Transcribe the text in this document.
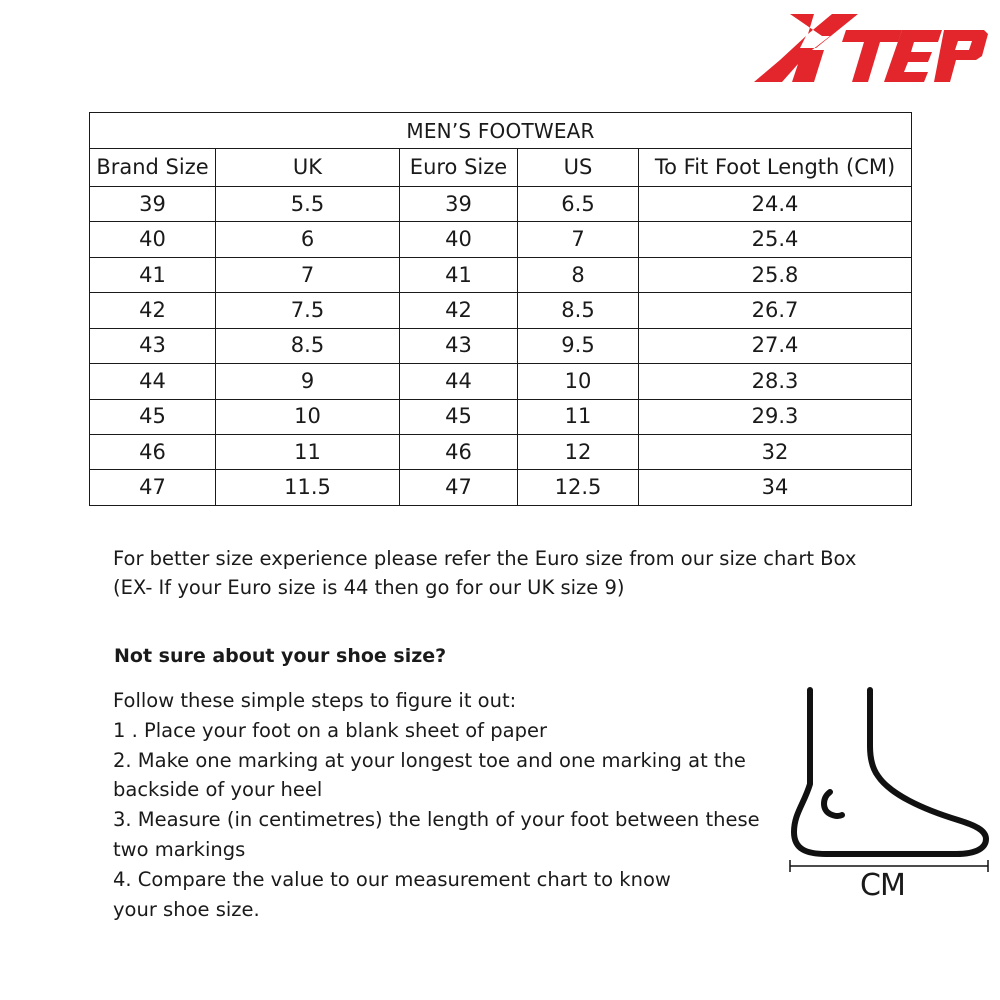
MEN’S FOOTWEAR				
Brand Size	UK	Euro Size	US	To Fit Foot Length (CM)
39	5.5	39	6.5	24.4
40	6	40	7	25.4
41	7	41	8	25.8
42	7.5	42	8.5	26.7
43	8.5	43	9.5	27.4
44	9	44	10	28.3
45	10	45	11	29.3
46	11	46	12	32
47	11.5	47	12.5	34
For better size experience please refer the Euro size from our size chart Box
(EX- If your Euro size is 44 then go for our UK size 9)
Not sure about your shoe size?
Follow these simple steps to figure it out:
1 . Place your foot on a blank sheet of paper
2. Make one marking at your longest toe and one marking at the
backside of your heel
3. Measure (in centimetres) the length of your foot between these
two markings
4. Compare the value to our measurement chart to know
your shoe size.
CM
